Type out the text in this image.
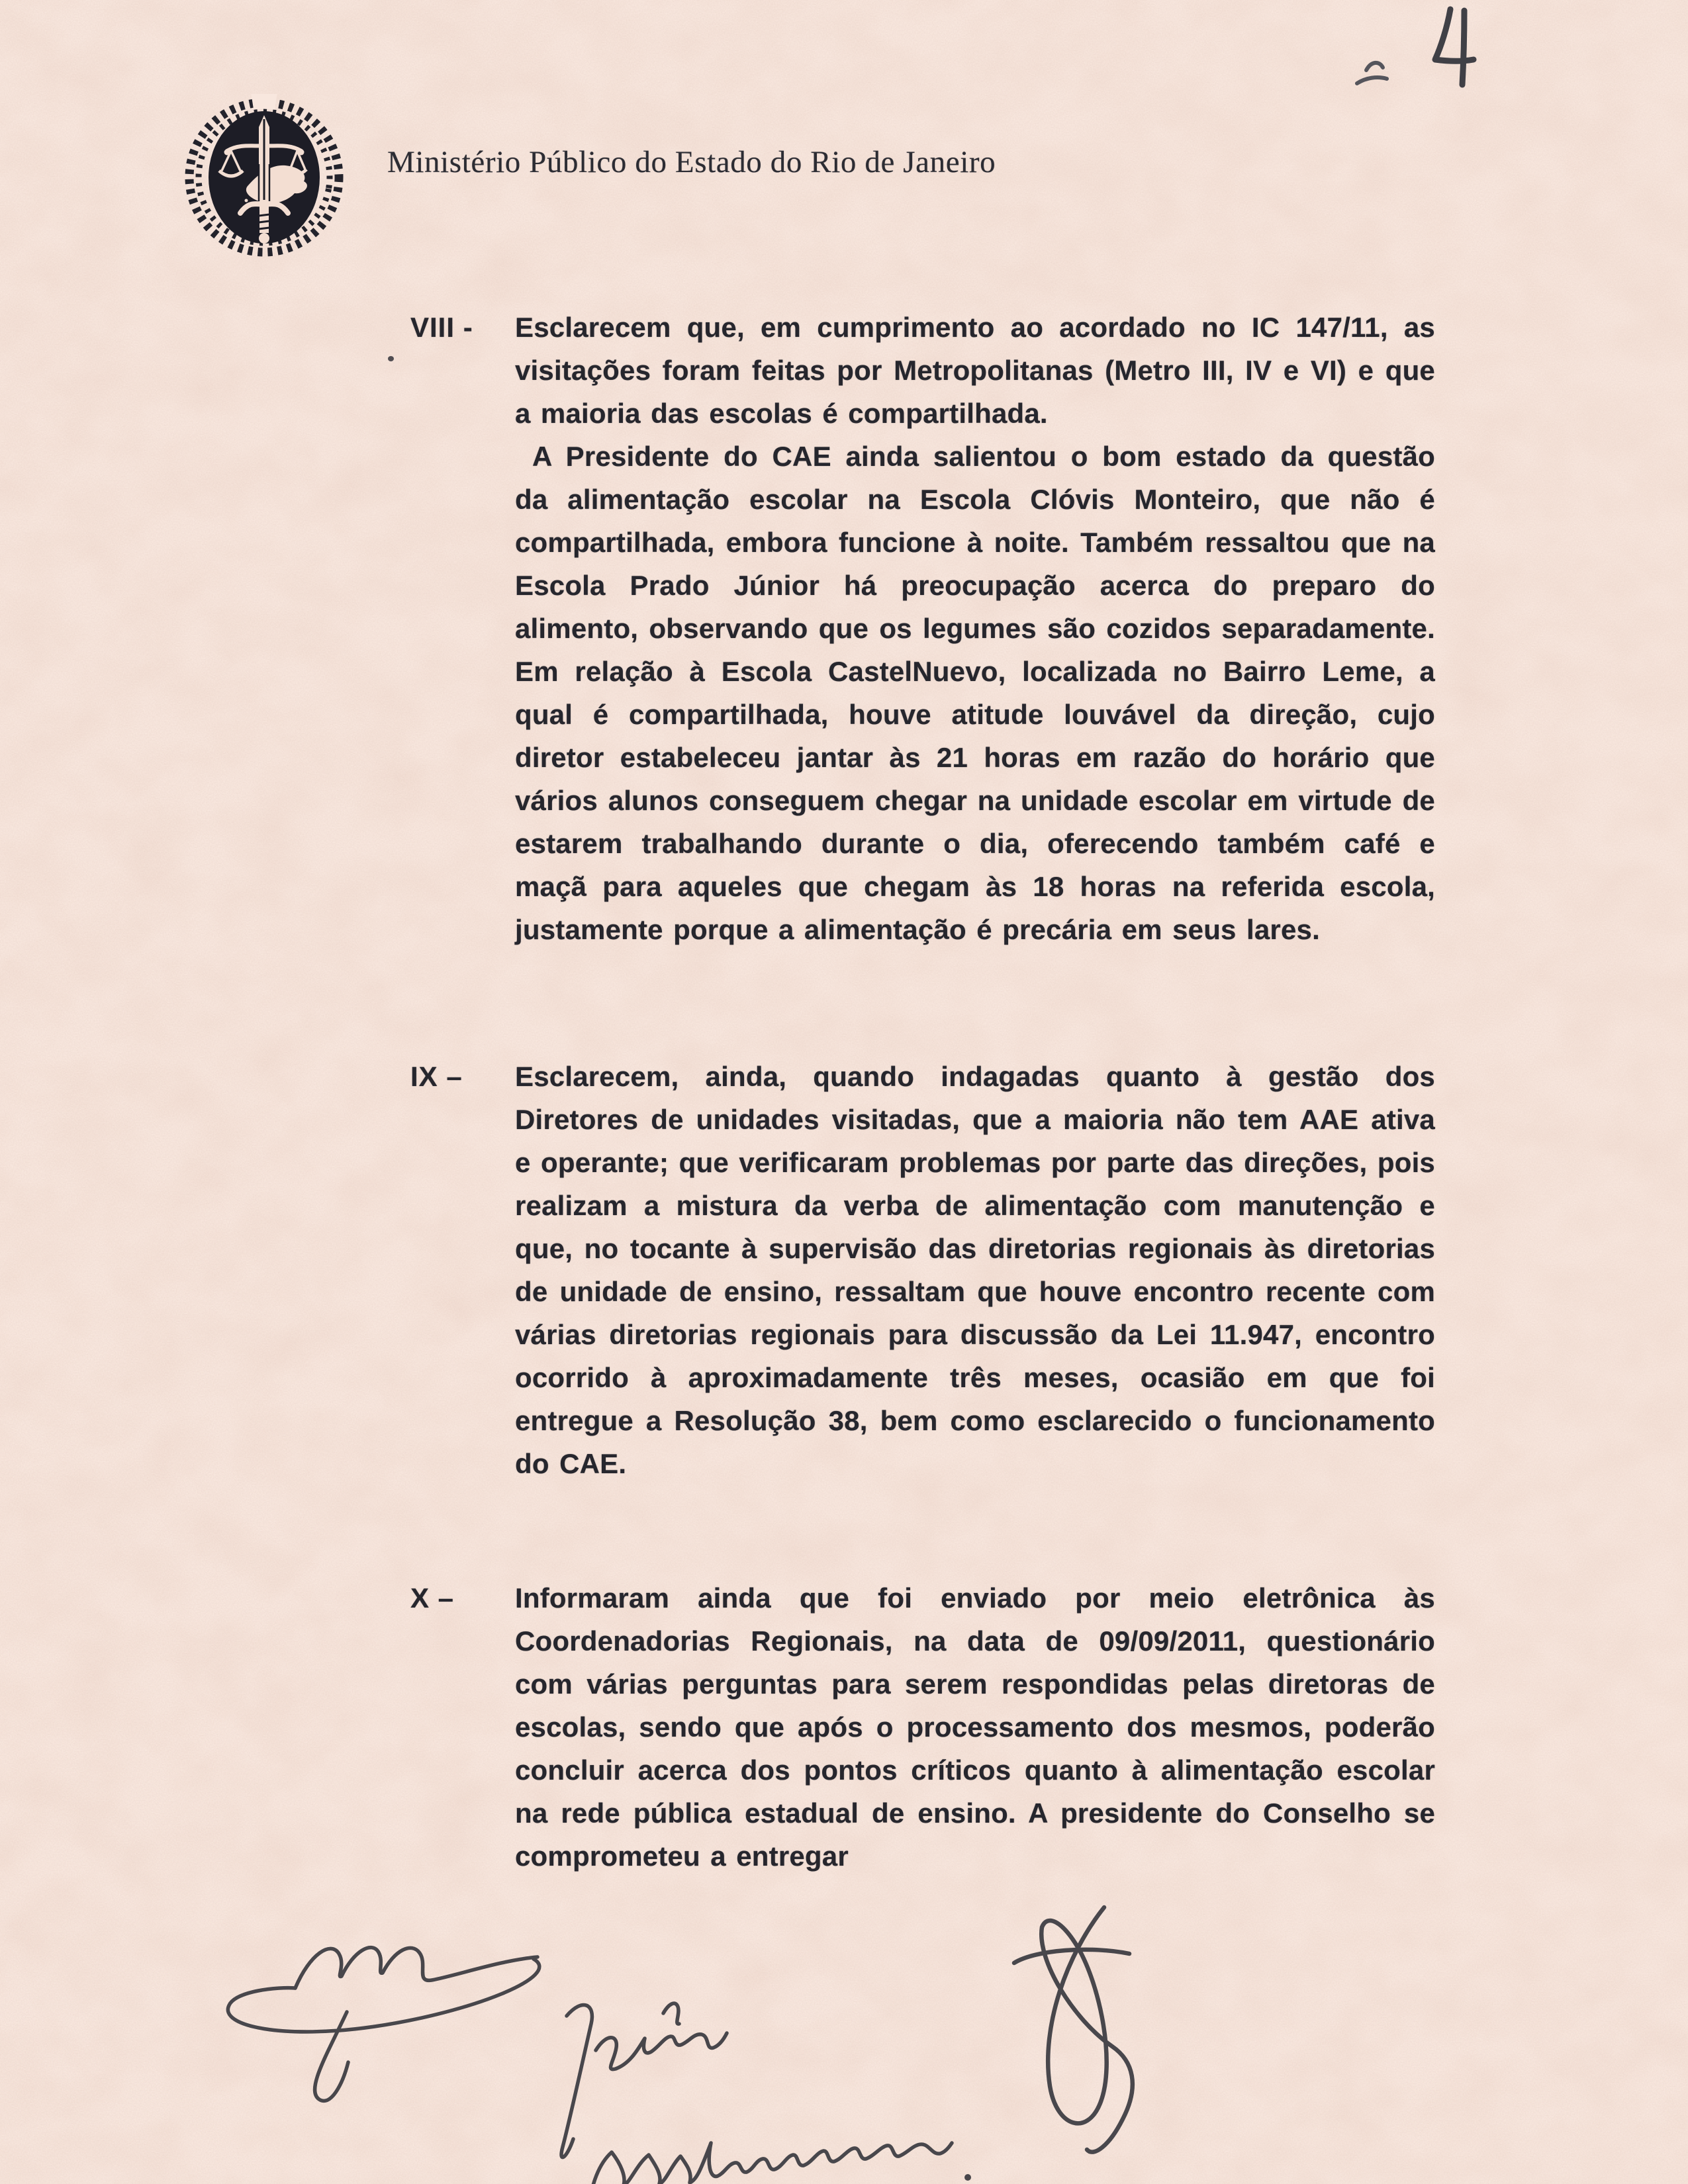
Ministério Público do Estado do Rio de Janeiro
VIII -	Esclarecem que, em cumprimento ao acordado no IC 147/11, as visitações foram feitas por Metropolitanas (Metro III, IV e VI) e que a maioria das escolas é compartilhada.

A Presidente do CAE ainda salientou o bom estado da questão da alimentação escolar na Escola Clóvis Monteiro, que não é compartilhada, embora funcione à noite. Também ressaltou que na Escola Prado Júnior há preocupação acerca do preparo do alimento, observando que os legumes são cozidos separadamente. Em relação à Escola CastelNuevo, localizada no Bairro Leme, a qual é compartilhada, houve atitude louvável da direção, cujo diretor estabeleceu jantar às 21 horas em razão do horário que vários alunos conseguem chegar na unidade escolar em virtude de estarem trabalhando durante o dia, oferecendo também café e maçã para aqueles que chegam às 18 horas na referida escola, justamente porque a alimentação é precária em seus lares.

IX –	Esclarecem, ainda, quando indagadas quanto à gestão dos Diretores de unidades visitadas, que a maioria não tem AAE ativa e operante; que verificaram problemas por parte das direções, pois realizam a mistura da verba de alimentação com manutenção e que, no tocante à supervisão das diretorias regionais às diretorias de unidade de ensino, ressaltam que houve encontro recente com várias diretorias regionais para discussão da Lei 11.947, encontro ocorrido à aproximadamente três meses, ocasião em que foi entregue a Resolução 38, bem como esclarecido o funcionamento do CAE.

X –	Informaram ainda que foi enviado por meio eletrônica às Coordenadorias Regionais, na data de 09/09/2011, questionário com várias perguntas para serem respondidas pelas diretoras de escolas, sendo que após o processamento dos mesmos, poderão concluir acerca dos pontos críticos quanto à alimentação escolar na rede pública estadual de ensino. A presidente do Conselho se comprometeu a entregar
